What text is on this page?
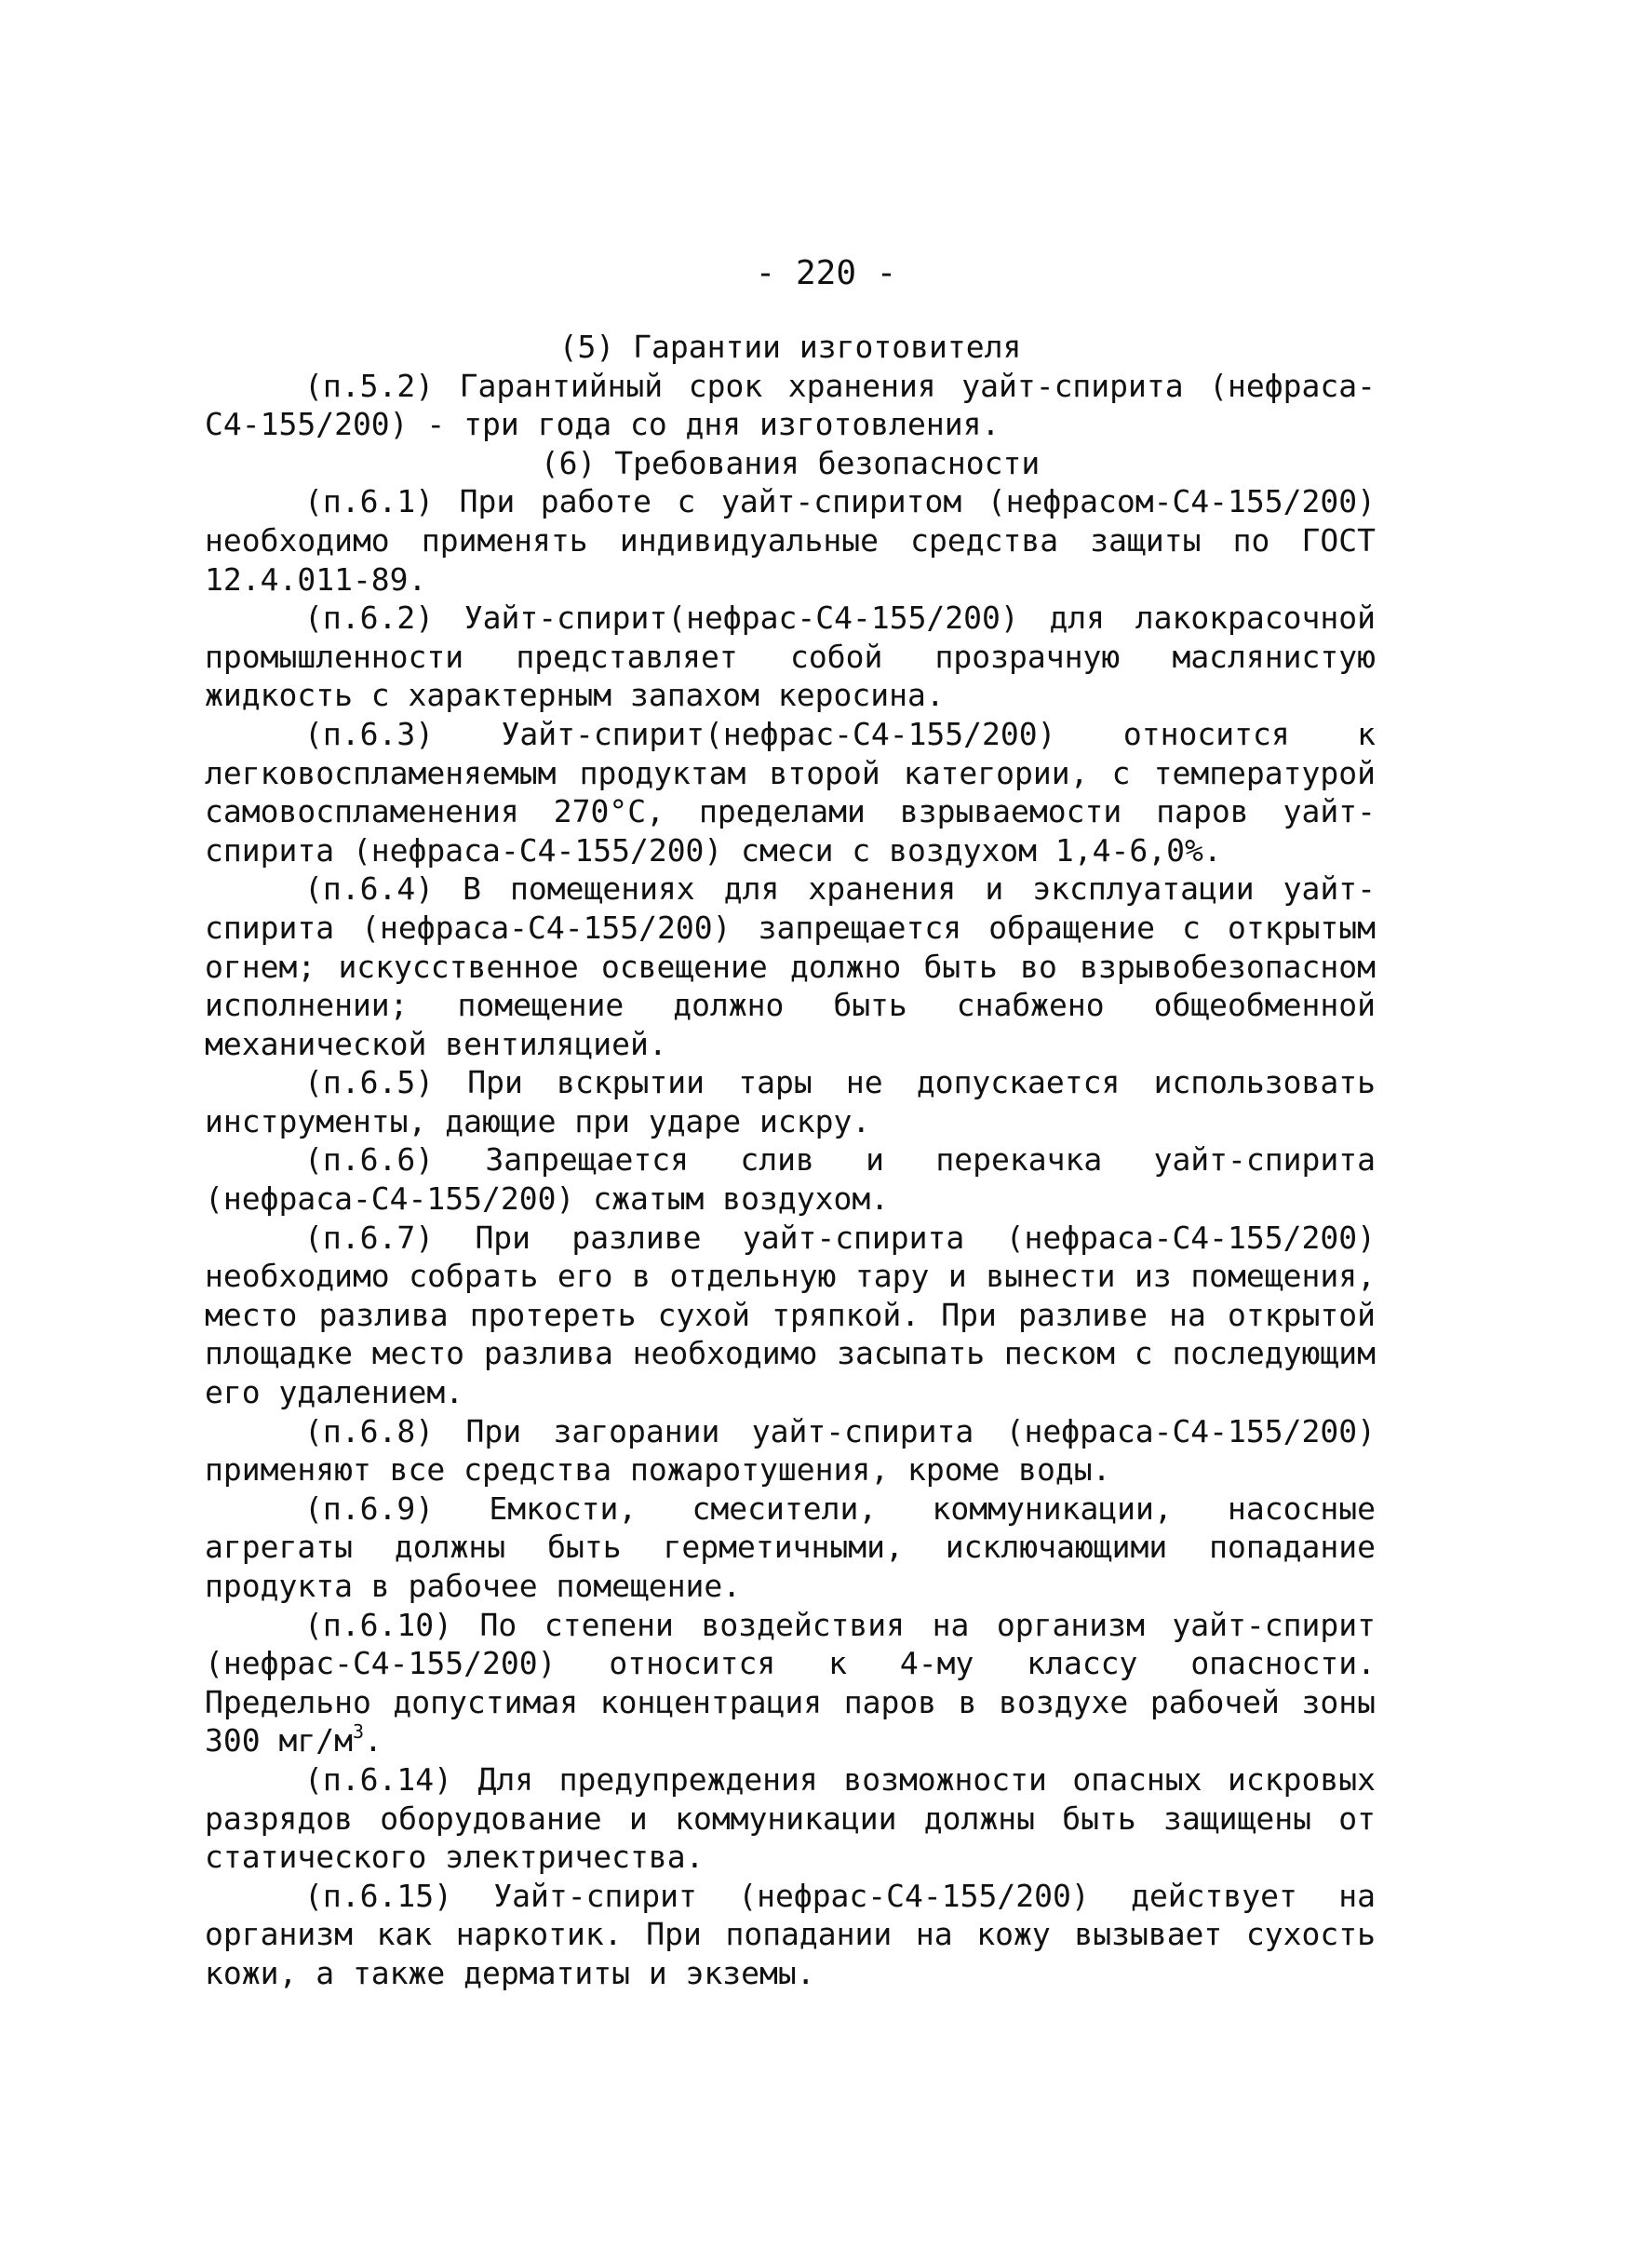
- 220 -
(5) Гарантии изготовителя

(п.5.2) Гарантийный срок хранения уайт-спирита (нефраса-С4-155/200) - три года со дня изготовления.

(6) Требования безопасности

(п.6.1) При работе с уайт-спиритом (нефрасом-С4-155/200) необходимо применять индивидуальные средства защиты по ГОСТ 12.4.011-89.

(п.6.2) Уайт-спирит(нефрас-С4-155/200) для лакокрасочной промышленности представляет собой прозрачную маслянистую жидкость с характерным запахом керосина.

(п.6.3) Уайт-спирит(нефрас-С4-155/200) относится к легковоспламеняемым продуктам второй категории, с температурой самовоспламенения 270°С, пределами взрываемости паров уайт-спирита (нефраса-С4-155/200) смеси с воздухом 1,4-6,0%.

(п.6.4) В помещениях для хранения и эксплуатации уайт-спирита (нефраса-С4-155/200) запрещается обращение с открытым огнем; искусственное освещение должно быть во взрывобезопасном исполнении; помещение должно быть снабжено общеобменной механической вентиляцией.

(п.6.5) При вскрытии тары не допускается использовать инструменты, дающие при ударе искру.

(п.6.6) Запрещается слив и перекачка уайт-спирита (нефраса-С4-155/200) сжатым воздухом.

(п.6.7) При разливе уайт-спирита (нефраса-С4-155/200) необходимо собрать его в отдельную тару и вынести из помещения, место разлива протереть сухой тряпкой. При разливе на открытой площадке место разлива необходимо засыпать песком с последующим его удалением.

(п.6.8) При загорании уайт-спирита (нефраса-С4-155/200) применяют все средства пожаротушения, кроме воды.

(п.6.9) Емкости, смесители, коммуникации, насосные агрегаты должны быть герметичными, исключающими попадание продукта в рабочее помещение.

(п.6.10) По степени воздействия на организм уайт-спирит (нефрас-С4-155/200) относится к 4-му классу опасности. Предельно допустимая концентрация паров в воздухе рабочей зоны 300 $мг/м^3$.

(п.6.14) Для предупреждения возможности опасных искровых разрядов оборудование и коммуникации должны быть защищены от статического электричества.

(п.6.15) Уайт-спирит (нефрас-С4-155/200) действует на организм как наркотик. При попадании на кожу вызывает сухость кожи, а также дерматиты и экземы.
